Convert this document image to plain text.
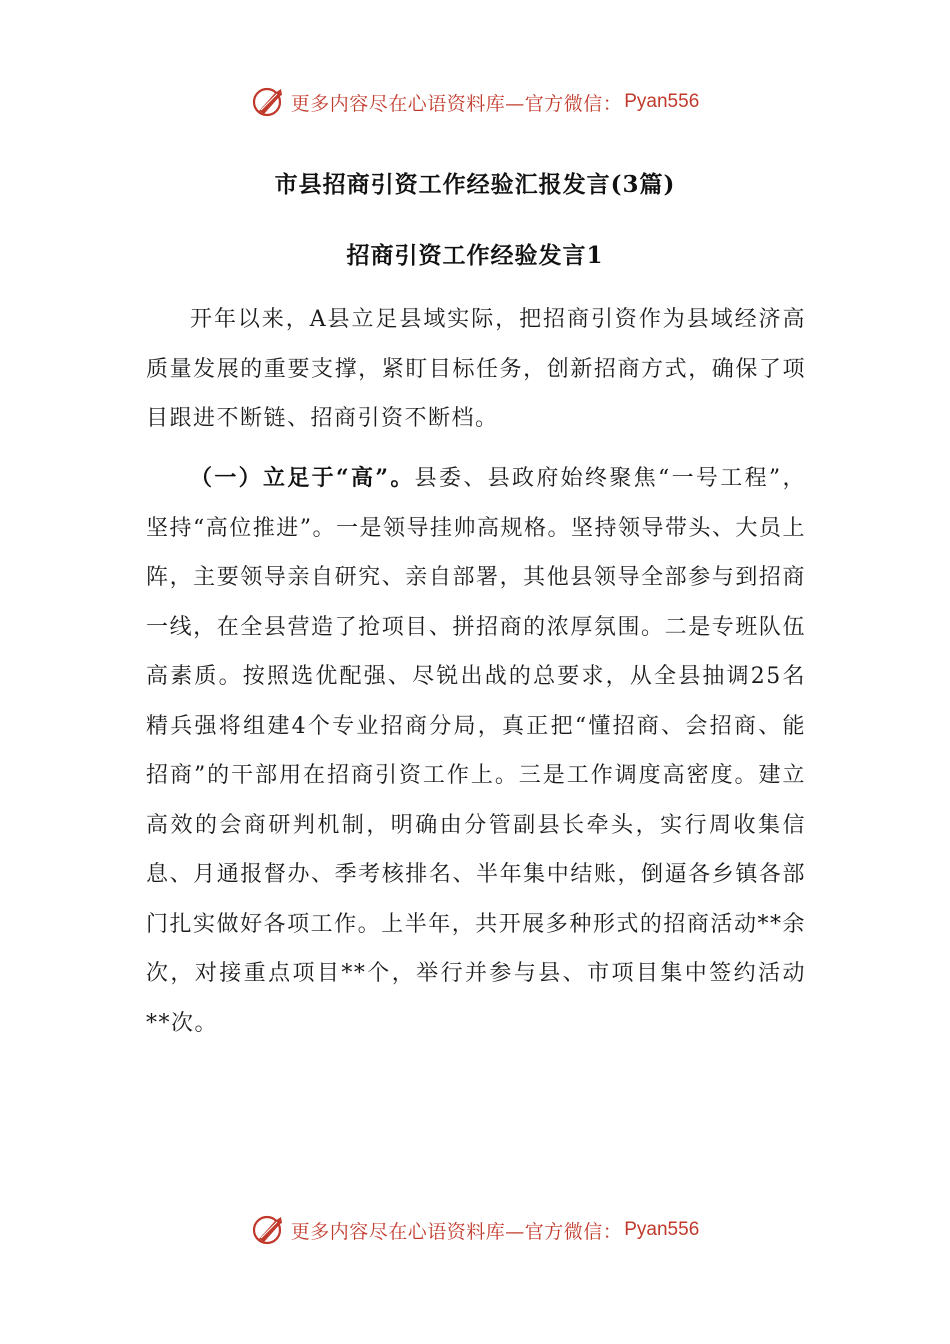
更多内容尽在心语资料库—官方微信： Pyan556
市县招商引资工作经验汇报发言(3篇)
招商引资工作经验发言1

开年以来，A县立足县域实际，把招商引资作为县域经济高质量发展的重要支撑，紧盯目标任务，创新招商方式，确保了项目跟进不断链、招商引资不断档。

（一）立足于“高”。县委、县政府始终聚焦“一号工程”，坚持“高位推进”。一是领导挂帅高规格。坚持领导带头、大员上阵，主要领导亲自研究、亲自部署，其他县领导全部参与到招商一线，在全县营造了抢项目、拼招商的浓厚氛围。二是专班队伍高素质。按照选优配强、尽锐出战的总要求，从全县抽调25名精兵强将组建4个专业招商分局，真正把“懂招商、会招商、能招商”的干部用在招商引资工作上。三是工作调度高密度。建立高效的会商研判机制，明确由分管副县长牵头，实行周收集信息、月通报督办、季考核排名、半年集中结账，倒逼各乡镇各部门扎实做好各项工作。上半年，共开展多种形式的招商活动**余次，对接重点项目**个，举行并参与县、市项目集中签约活动**次。

更多内容尽在心语资料库—官方微信： Pyan556
